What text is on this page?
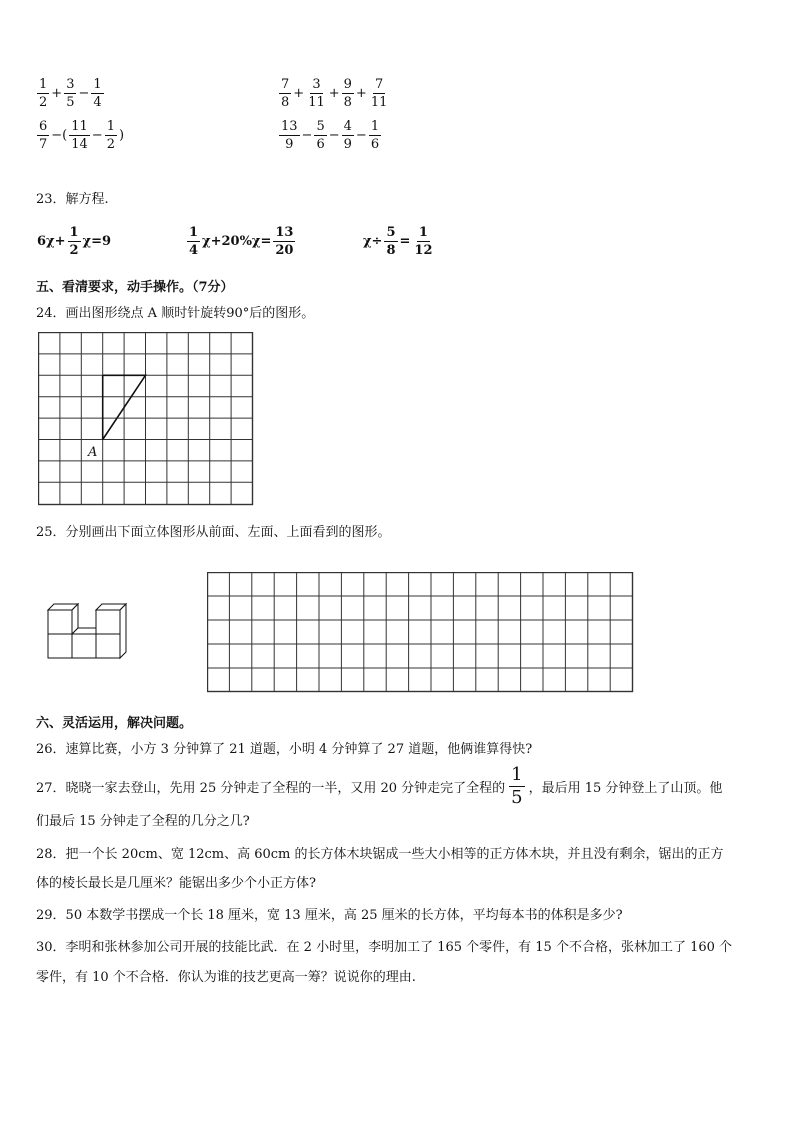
$\frac{1}{2} + \frac{3}{5} - \frac{1}{4}$	$\frac{7}{8} + \frac{3}{11} + \frac{9}{8} + \frac{7}{11}$
$\frac{6}{7}$ −( $\frac{11}{14} - \frac{1}{2}$ )	$\frac{13}{9} - \frac{5}{6} - \frac{4}{9} - \frac{1}{6}$
23．解方程.
$6\chi+ \frac{1}{2} \chi=9$	$\frac{1}{4} \chi+20\%\chi= \frac{13}{20}$	$\chi\div \frac{5}{8} = \frac{1}{12}$
五、看清要求，动手操作。（7分）
24．画出图形绕点 A 顺时针旋转90°后的图形。
A
25．分别画出下面立体图形从前面、左面、上面看到的图形。
六、灵活运用，解决问题。
26．速算比赛，小方 3 分钟算了 21 道题，小明 4 分钟算了 27 道题，他俩谁算得快?
27．晓晓一家去登山，先用 25 分钟走了全程的一半，又用 20 分钟走完了全程的 $\frac{1}{5}$ ，最后用 15 分钟登上了山顶。他
们最后 15 分钟走了全程的几分之几?
28．把一个长 20cm、宽 12cm、高 60cm 的长方体木块锯成一些大小相等的正方体木块，并且没有剩余，锯出的正方
体的棱长最长是几厘米？能锯出多少个小正方体?
29．50 本数学书摆成一个长 18 厘米，宽 13 厘米，高 25 厘米的长方体，平均每本书的体积是多少?
30．李明和张林参加公司开展的技能比武．在 2 小时里，李明加工了 165 个零件，有 15 个不合格，张林加工了 160 个
零件，有 10 个不合格．你认为谁的技艺更高一筹？说说你的理由.
